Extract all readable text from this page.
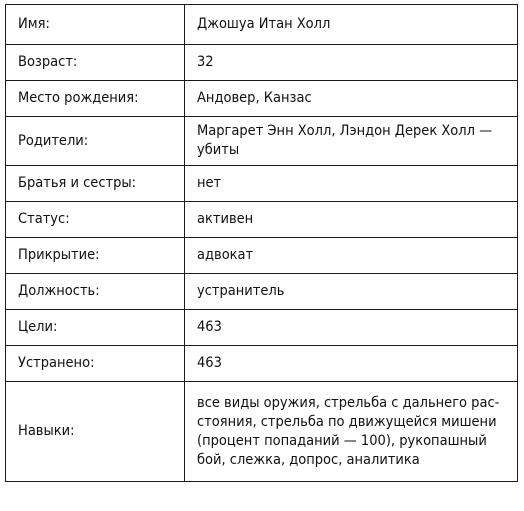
Имя:	Джошуа Итан Холл
Возраст:	32
Место рождения:	Андовер, Канзас
Родители:	Маргарет Энн Холл, Лэндон Дерек Холл — убиты
Братья и сестры:	нет
Статус:	активен
Прикрытие:	адвокат
Должность:	устранитель
Цели:	463
Устранено:	463
Навыки:	все виды оружия, стрельба с дальнего расстояния, стрельба по движущейся мишени (процент попаданий — 100), рукопашный бой, слежка, допрос, аналитика
